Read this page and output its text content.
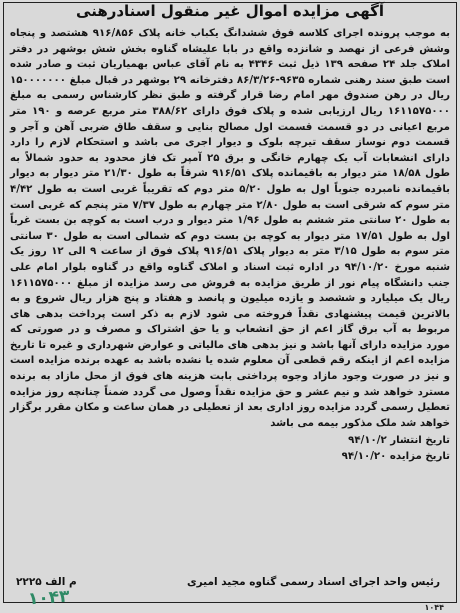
آگهی مزایده اموال غیر منقول اسنادرهنی

به موجب پرونده اجرای کلاسه فوق ششدانگ یکباب خانه پلاک ۹۱۶/۸۵۶ هشتصد و پنجاه وشش فرعی از نهصد و شانزده واقع در بابا علیشاه گناوه بخش شش بوشهر در دفتر املاک جلد ۲۴ صفحه ۱۳۹ ذیل ثبت ۴۳۴۶ به نام آقای عباس بهمیاریان ثبت و صادر شده است طبق سند رهنی شماره ۹۶۳۵-۸۶/۳/۲۶ دفترخانه ۲۹ بوشهر در قبال مبلغ ۱۵۰۰۰۰۰۰۰ ریال در رهن صندوق مهر امام رضا قرار گرفته و طبق نظر کارشناس رسمی به مبلغ ۱۶۱۱۵۷۵۰۰۰ ریال ارزیابی شده و پلاک فوق دارای ۳۸۸/۶۲ متر مربع عرصه و ۱۹۰ متر مربع اعیانی در دو قسمت قسمت اول مصالح بنایی و سقف طاق ضربی آهن و آجر و قسمت دوم نوساز سقف تیرچه بلوک و دیوار اجری می باشد و استحکام لازم را دارد دارای انشعابات آب یک چهارم خانگی و برق ۲۵ آمپر تک فاز محدود به حدود شمالاً به طول ۱۸/۵۸ متر دیوار به باقیمانده پلاک ۹۱۶/۵۱ شرقاً به طول ۲۱/۳۰ متر دیوار به دیوار باقیمانده نامبرده جنوباً اول به طول ۵/۲۰ متر دوم که تقریباً غربی است به طول ۴/۴۲ متر سوم که شرقی است به طول ۲/۸۰ متر چهارم به طول ۷/۳۷ متر پنجم که غربی است به طول ۲۰ سانتی متر ششم به طول ۱/۹۶ متر دیوار و درب است به کوچه بن بست غرباً اول به طول ۱۷/۵۱ متر دیوار به کوچه بن بست دوم که شمالی است به طول ۳۰ سانتی متر سوم به طول ۳/۱۵ متر به دیوار پلاک ۹۱۶/۵۱ پلاک فوق از ساعت ۹ الی ۱۲ روز یک شنبه مورخ ۹۴/۱۰/۲۰ در اداره ثبت اسناد و املاک گناوه واقع در گناوه بلوار امام علی جنب دانشگاه پیام نور از طریق مزایده به فروش می رسد مزایده از مبلغ ۱۶۱۱۵۷۵۰۰۰ ریال یک میلیارد و ششصد و یازده میلیون و پانصد و هفتاد و پنج هزار ریال شروع و به بالاترین قیمت پیشنهادی نقداً فروخته می شود لازم به ذکر است پرداخت بدهی های مربوط به آب برق گاز اعم از حق انشعاب و یا حق اشتراک و مصرف و در صورتی که مورد مزایده دارای آنها باشد و نیز بدهی های مالیاتی و عوارض شهرداری و غیره تا تاریخ مزایده اعم از اینکه رقم قطعی آن معلوم شده یا نشده باشد به عهده برنده مزایده است و نیز در صورت وجود مازاد وجوه پرداختی بابت هزینه های فوق از محل مازاد به برنده مسترد خواهد شد و نیم عشر و حق مزایده نقداً وصول می گردد ضمناً چنانچه روز مزایده تعطیل رسمی گردد مزایده روز اداری بعد از تعطیلی در همان ساعت و مکان مقرر برگزار خواهد شد ملک مذکور بیمه می باشد

تاریخ انتشار ۹۴/۱۰/۲
تاریخ مزایده ۹۴/۱۰/۲۰
رئیس واحد اجرای اسناد رسمی گناوه مجید امیری
م الف ۲۲۲۵
۱۰۴۳	۱۰۴۴
